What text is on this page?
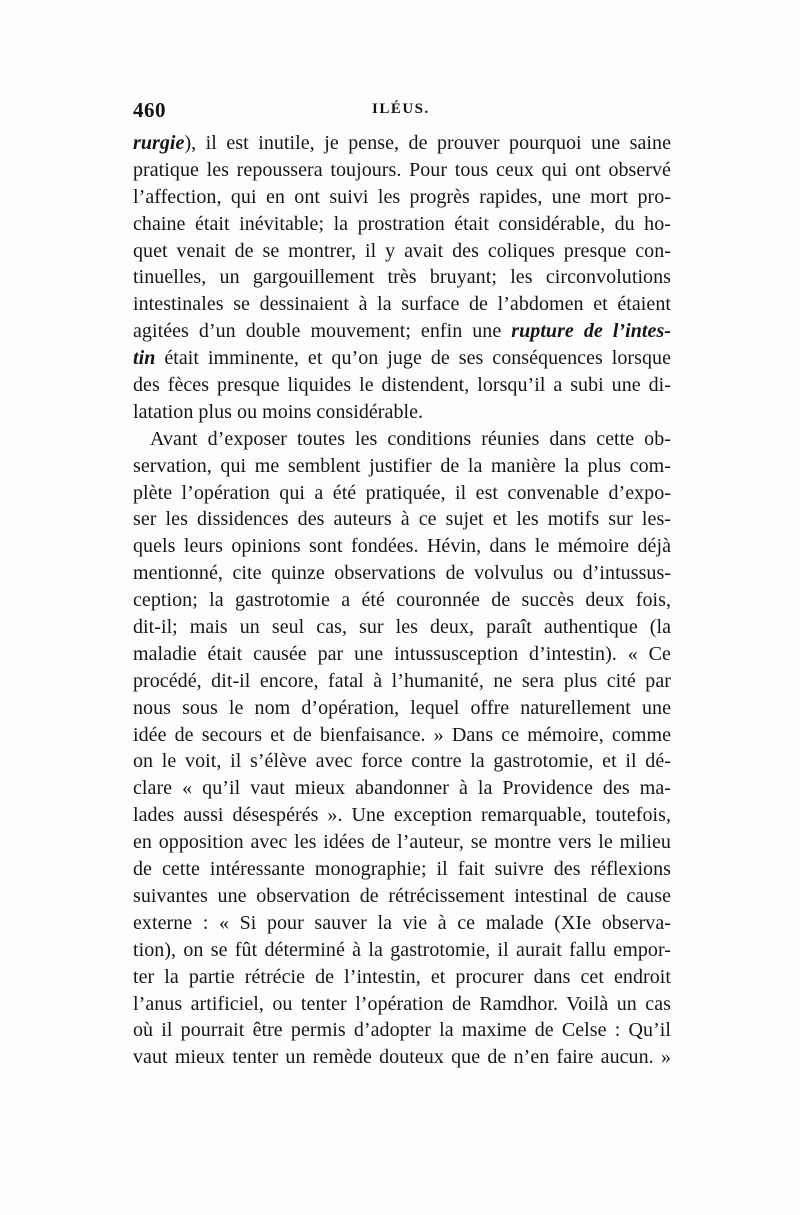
460	ILÉUS.
rurgie), il est inutile, je pense, de prouver pourquoi une saine
pratique les repoussera toujours. Pour tous ceux qui ont observé
l’affection, qui en ont suivi les progrès rapides, une mort pro-
chaine était inévitable; la prostration était considérable, du ho-
quet venait de se montrer, il y avait des coliques presque con-
tinuelles, un gargouillement très bruyant; les circonvolutions
intestinales se dessinaient à la surface de l’abdomen et étaient
agitées d’un double mouvement; enfin une rupture de l’intes-
tin était imminente, et qu’on juge de ses conséquences lorsque
des fèces presque liquides le distendent, lorsqu’il a subi une di-
latation plus ou moins considérable.
Avant d’exposer toutes les conditions réunies dans cette ob-
servation, qui me semblent justifier de la manière la plus com-
plète l’opération qui a été pratiquée, il est convenable d’expo-
ser les dissidences des auteurs à ce sujet et les motifs sur les-
quels leurs opinions sont fondées. Hévin, dans le mémoire déjà
mentionné, cite quinze observations de volvulus ou d’intussus-
ception; la gastrotomie a été couronnée de succès deux fois,
dit-il; mais un seul cas, sur les deux, paraît authentique (la
maladie était causée par une intussusception d’intestin). « Ce
procédé, dit-il encore, fatal à l’humanité, ne sera plus cité par
nous sous le nom d’opération, lequel offre naturellement une
idée de secours et de bienfaisance. » Dans ce mémoire, comme
on le voit, il s’élève avec force contre la gastrotomie, et il dé-
clare « qu’il vaut mieux abandonner à la Providence des ma-
lades aussi désespérés ». Une exception remarquable, toutefois,
en opposition avec les idées de l’auteur, se montre vers le milieu
de cette intéressante monographie; il fait suivre des réflexions
suivantes une observation de rétrécissement intestinal de cause
externe : « Si pour sauver la vie à ce malade (XIe observa-
tion), on se fût déterminé à la gastrotomie, il aurait fallu empor-
ter la partie rétrécie de l’intestin, et procurer dans cet endroit
l’anus artificiel, ou tenter l’opération de Ramdhor. Voilà un cas
où il pourrait être permis d’adopter la maxime de Celse : Qu’il
vaut mieux tenter un remède douteux que de n’en faire aucun. »
